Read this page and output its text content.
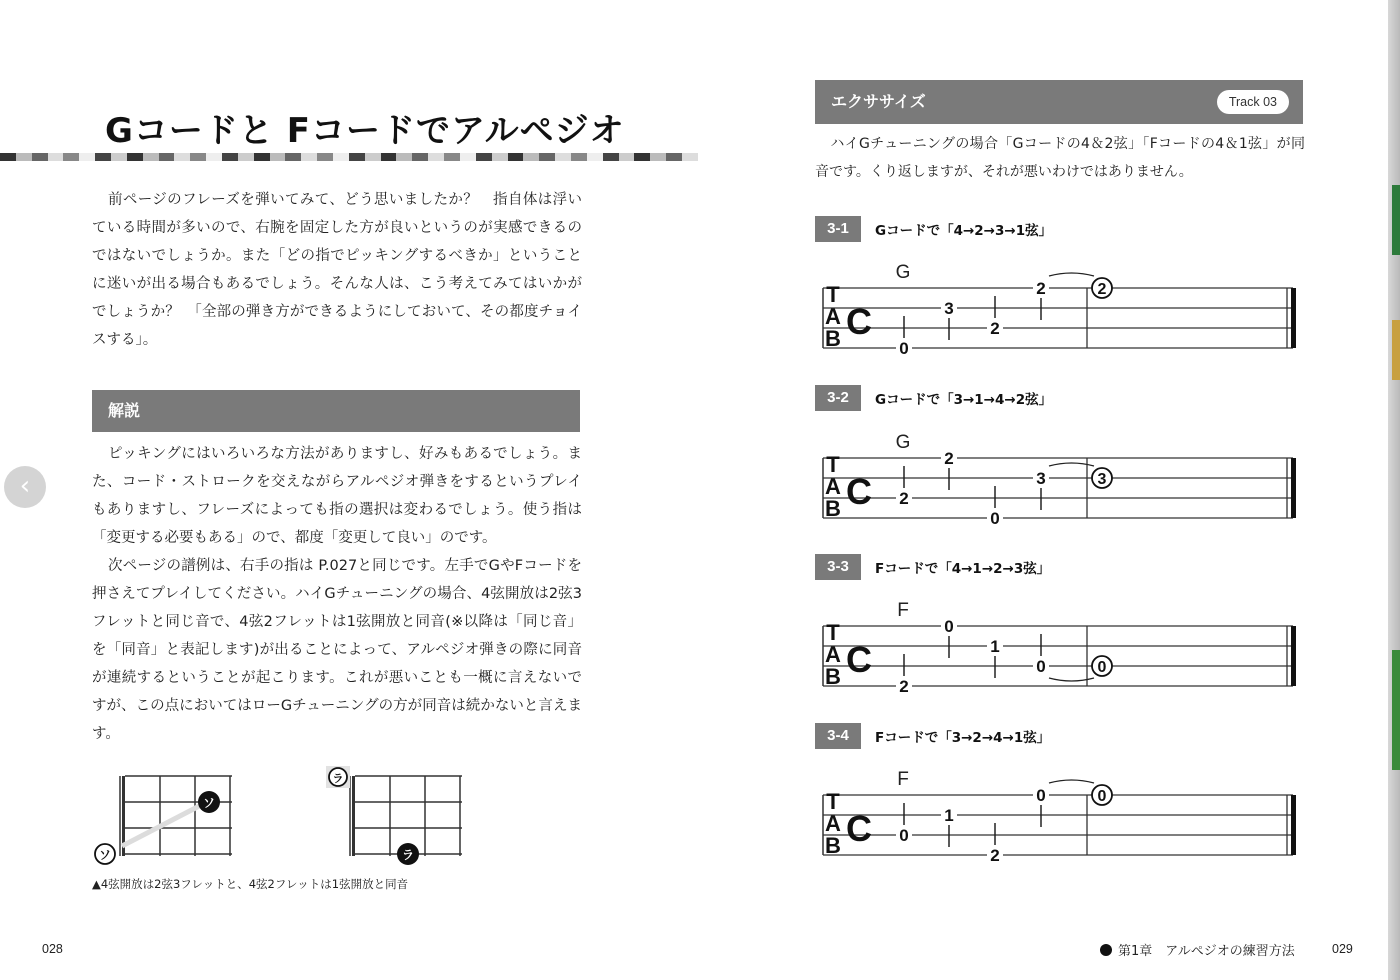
Gコードと Fコードでアルペジオ

前ページのフレーズを弾いてみて、どう思いましたか？　指自体は浮いている時間が多いので、右腕を固定した方が良いというのが実感できるのではないでしょうか。また「どの指でピッキングするべきか」ということに迷いが出る場合もあるでしょう。そんな人は、こう考えてみてはいかがでしょうか？　「全部の弾き方ができるようにしておいて、その都度チョイスする」。

解説

ピッキングにはいろいろな方法がありますし、好みもあるでしょう。また、コード・ストロークを交えながらアルペジオ弾きをするというプレイもありますし、フレーズによっても指の選択は変わるでしょう。使う指は「変更する必要もある」ので、都度「変更して良い」のです。

次ページの譜例は、右手の指は P.027と同じです。左手でGやFコードを押さえてプレイしてください。ハイGチューニングの場合、4弦開放は2弦3フレットと同じ音で、4弦2フレットは1弦開放と同音(※以降は「同じ音」を「同音」と表記します)が出ることによって、アルペジオ弾きの際に同音が連続するということが起こります。これが悪いことも一概に言えないですが、この点においてはローGチューニングの方が同音は続かないと言えます。

‹
ソ
ソ
ラ
ラ
▲4弦開放は2弦3フレットと、4弦2フレットは1弦開放と同音
028
エクササイズ	Track 03

ハイGチューニングの場合「Gコードの4＆2弦」「Fコードの4＆1弦」が同音です。くり返しますが、それが悪いわけではありません。

3-1	Gコードで「4→2→3→1弦」
T
A
B C
G
0
3
2
2	2
3-2	Gコードで「3→1→4→2弦」
T
A
B C
G
2
2
0
3	3
3-3	Fコードで「4→1→2→3弦」
T
A
B C
F
2
0
1
0	0
3-4	Fコードで「3→2→4→1弦」
T
A
B C
F
0
1
2
0	0
第1章　アルペジオの練習方法	029
